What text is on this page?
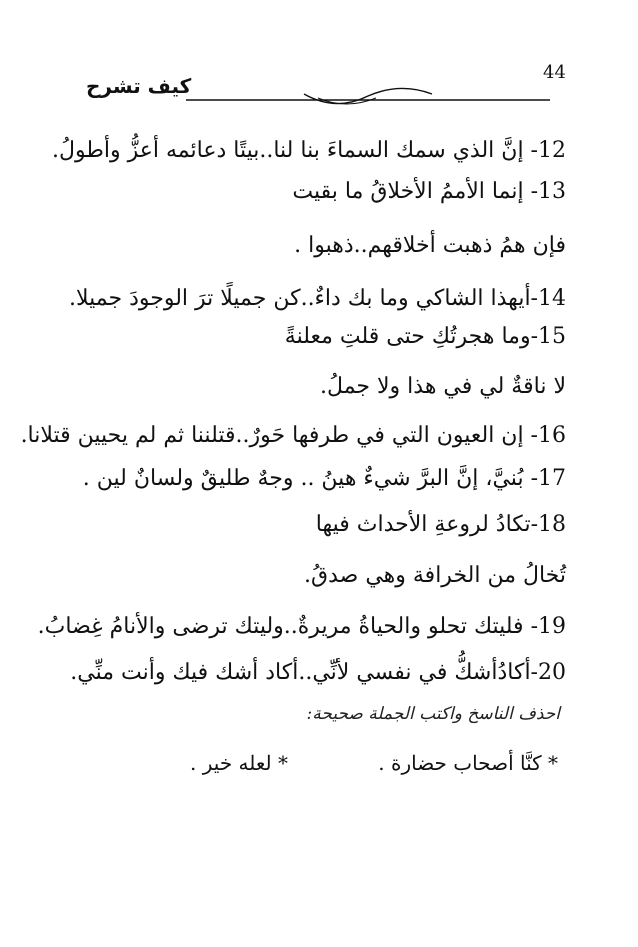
44
كيف تشرح
12- إنَّ الذي سمك السماءَ بنا لنا..بيتًا دعائمه أعزُّ وأطولُ.
13- إنما الأممُ الأخلاقُ ما بقيت
فإن همُ ذهبت أخلاقهم..ذهبوا .
14-أيهذا الشاكي وما بك داءٌ..كن جميلًا ترَ الوجودَ جميلا.
15-وما هجرتُكِ حتى قلتِ معلنةً
لا ناقةٌ لي في هذا ولا جملُ.
16- إن العيون التي في طرفها حَورٌ..قتلننا ثم لم يحيين قتلانا.
17- بُنيَّ، إنَّ البرَّ شيءٌ هينُ .. وجهٌ طليقٌ ولسانٌ لين .
18-تكادُ لروعةِ الأحداث فيها
تُخالُ من الخرافة وهي صدقُ.
19- فليتك تحلو والحياةُ مريرةٌ..وليتك ترضى والأنامُ غِضابُ.
20-أكادُأشكُّ في نفسي لأنِّي..أكاد أشك فيك وأنت منِّي.
احذف الناسخ واكتب الجملة صحيحة:
* كنَّا أصحاب حضارة .
* لعله خير .
